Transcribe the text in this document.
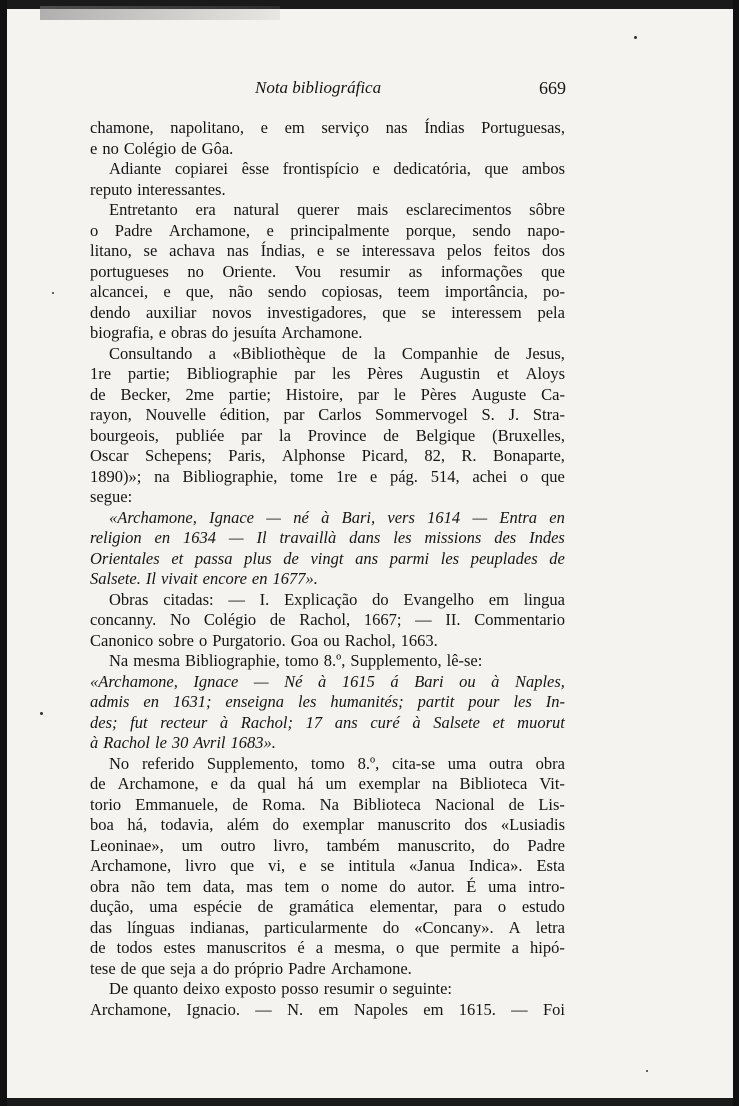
Nota bibliográfica	669
chamone, napolitano, e em serviço nas Índias Portuguesas,
e no Colégio de Gôa.
Adiante copiarei êsse frontispício e dedicatória, que ambos
reputo interessantes.
Entretanto era natural querer mais esclarecimentos sôbre
o Padre Archamone, e principalmente porque, sendo napo-
litano, se achava nas Índias, e se interessava pelos feitos dos
portugueses no Oriente. Vou resumir as informações que
alcancei, e que, não sendo copiosas, teem importância, po-
dendo auxiliar novos investigadores, que se interessem pela
biografia, e obras do jesuíta Archamone.
Consultando a «Bibliothèque de la Companhie de Jesus,
1re partie; Bibliographie par les Pères Augustin et Aloys
de Becker, 2me partie; Histoire, par le Pères Auguste Ca-
rayon, Nouvelle édition, par Carlos Sommervogel S. J. Stra-
bourgeois, publiée par la Province de Belgique (Bruxelles,
Oscar Schepens; Paris, Alphonse Picard, 82, R. Bonaparte,
1890)»; na Bibliographie, tome 1re e pág. 514, achei o que
segue:
«Archamone, Ignace — né à Bari, vers 1614 — Entra en
religion en 1634 — Il travaillà dans les missions des Indes
Orientales et passa plus de vingt ans parmi les peuplades de
Salsete. Il vivait encore en 1677».
Obras citadas: — I. Explicação do Evangelho em lingua
concanny. No Colégio de Rachol, 1667; — II. Commentario
Canonico sobre o Purgatorio. Goa ou Rachol, 1663.
Na mesma Bibliographie, tomo 8.º, Supplemento, lê-se:
«Archamone, Ignace — Né à 1615 á Bari ou à Naples,
admis en 1631; enseigna les humanités; partit pour les In-
des; fut recteur à Rachol; 17 ans curé à Salsete et muorut
à Rachol le 30 Avril 1683».
No referido Supplemento, tomo 8.º, cita-se uma outra obra
de Archamone, e da qual há um exemplar na Biblioteca Vit-
torio Emmanuele, de Roma. Na Biblioteca Nacional de Lis-
boa há, todavia, além do exemplar manuscrito dos «Lusiadis
Leoninae», um outro livro, também manuscrito, do Padre
Archamone, livro que vi, e se intitula «Janua Indica». Esta
obra não tem data, mas tem o nome do autor. É uma intro-
dução, uma espécie de gramática elementar, para o estudo
das línguas indianas, particularmente do «Concany». A letra
de todos estes manuscritos é a mesma, o que permite a hipó-
tese de que seja a do próprio Padre Archamone.
De quanto deixo exposto posso resumir o seguinte:
Archamone, Ignacio. — N. em Napoles em 1615. — Foi
